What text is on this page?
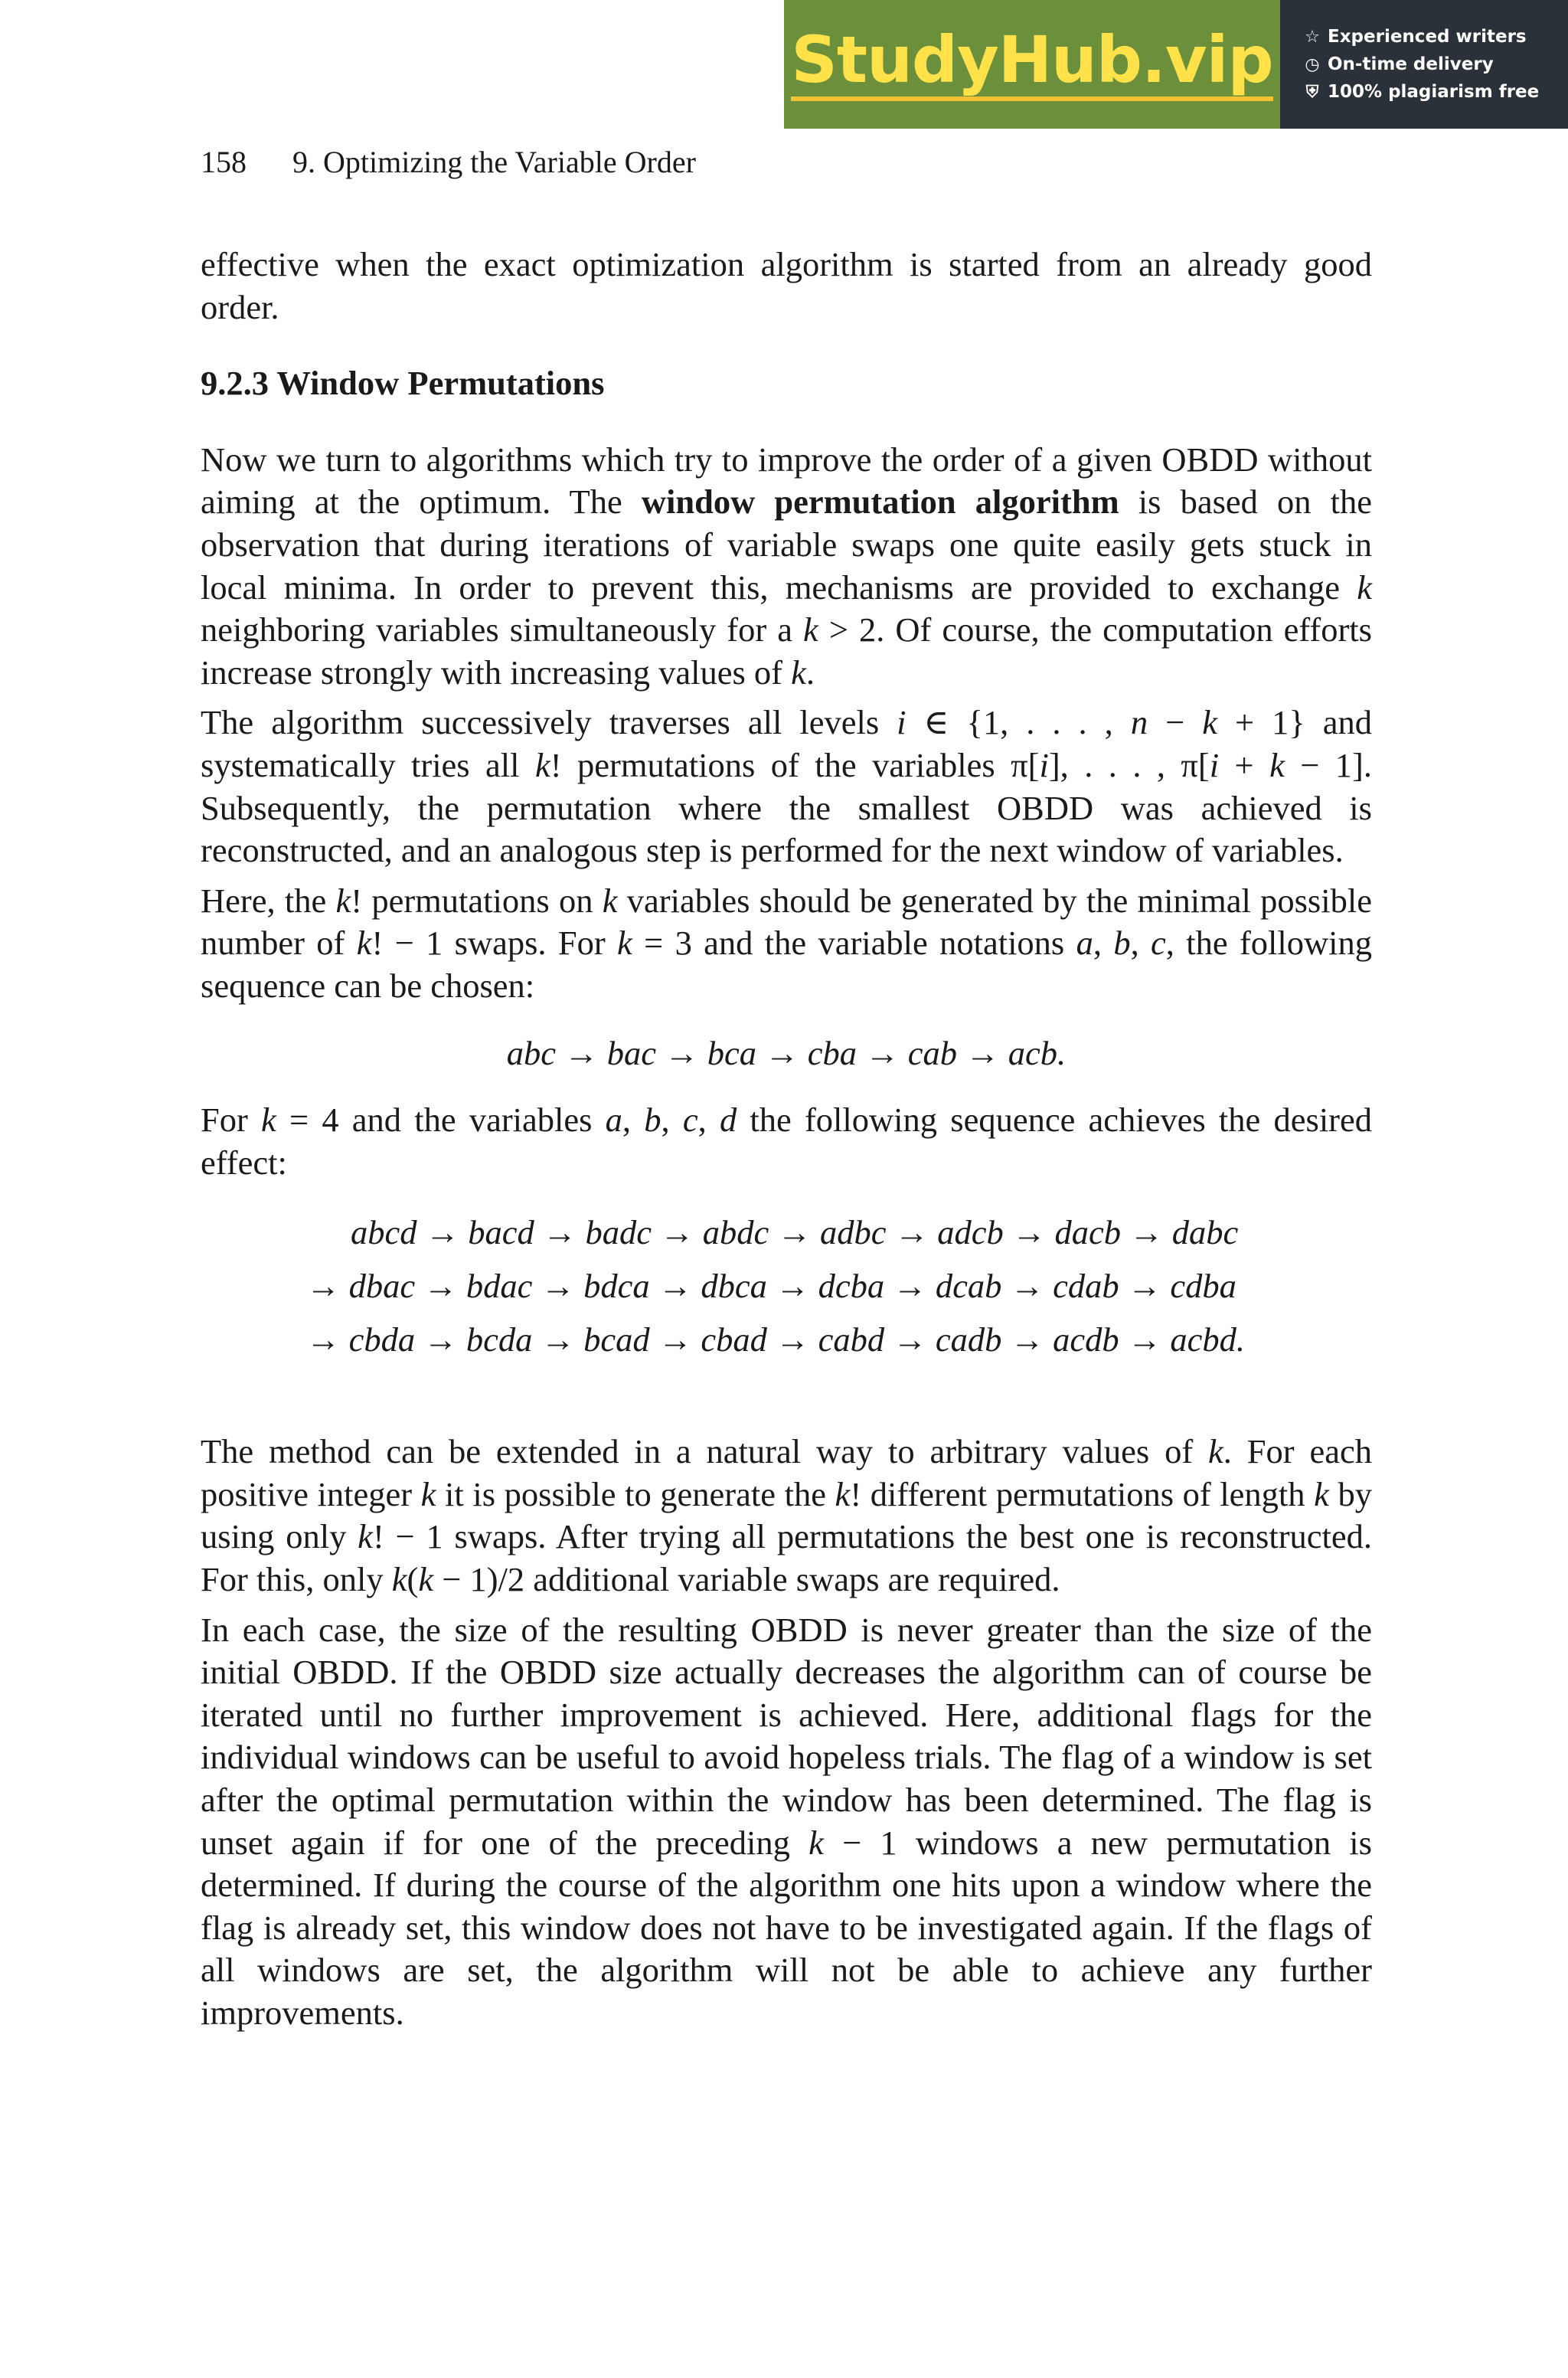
StudyHub.vip ☆ Experienced writers
◷ On-time delivery
⛨ 100% plagiarism free
158 9. Optimizing the Variable Order

effective when the exact optimization algorithm is started from an already good order.

9.2.3 Window Permutations

Now we turn to algorithms which try to improve the order of a given OBDD without aiming at the optimum. The window permutation algorithm is based on the observation that during iterations of variable swaps one quite easily gets stuck in local minima. In order to prevent this, mechanisms are provided to exchange k neighboring variables simultaneously for a k > 2. Of course, the computation efforts increase strongly with increasing values of k.

The algorithm successively traverses all levels i ∈ {1, . . . , n − k + 1} and systematically tries all k! permutations of the variables π[i], . . . , π[i + k − 1]. Subsequently, the permutation where the smallest OBDD was achieved is reconstructed, and an analogous step is performed for the next window of variables.

Here, the k! permutations on k variables should be generated by the minimal possible number of k! − 1 swaps. For k = 3 and the variable notations a, b, c, the following sequence can be chosen:

abc → bac → bca → cba → cab → acb.

For k = 4 and the variables a, b, c, d the following sequence achieves the desired effect:

abcd → bacd → badc → abdc → adbc → adcb → dacb → dabc
→ dbac → bdac → bdca → dbca → dcba → dcab → cdab → cdba
→ cbda → bcda → bcad → cbad → cabd → cadb → acdb → acbd.

The method can be extended in a natural way to arbitrary values of k. For each positive integer k it is possible to generate the k! different permutations of length k by using only k! − 1 swaps. After trying all permutations the best one is reconstructed. For this, only k(k − 1)/2 additional variable swaps are required.

In each case, the size of the resulting OBDD is never greater than the size of the initial OBDD. If the OBDD size actually decreases the algorithm can of course be iterated until no further improvement is achieved. Here, additional flags for the individual windows can be useful to avoid hopeless trials. The flag of a window is set after the optimal permutation within the window has been determined. The flag is unset again if for one of the preceding k − 1 windows a new permutation is determined. If during the course of the algorithm one hits upon a window where the flag is already set, this window does not have to be investigated again. If the flags of all windows are set, the algorithm will not be able to achieve any further improvements.
